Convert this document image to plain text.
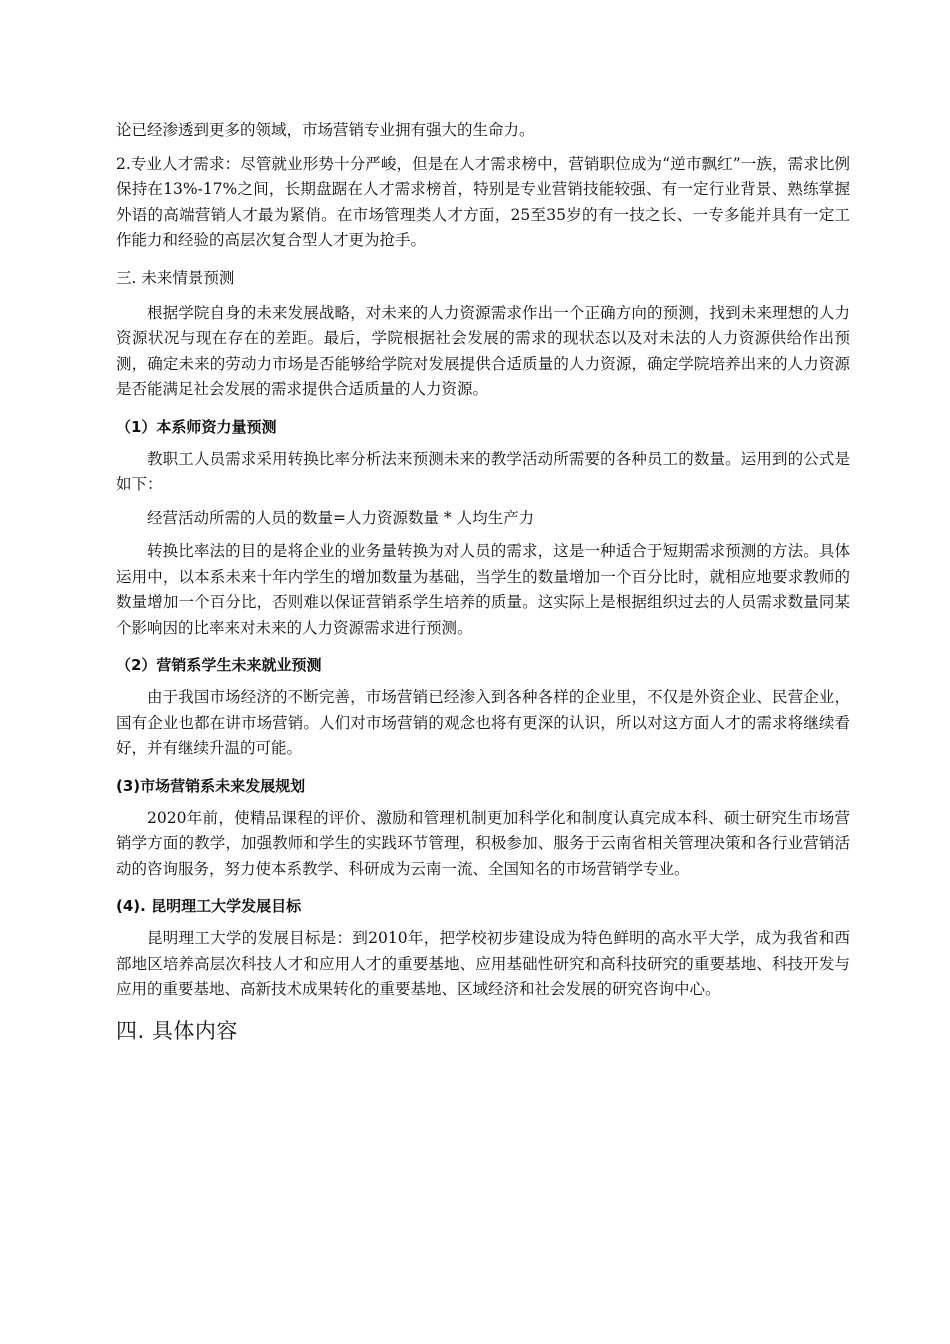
论已经渗透到更多的领域，市场营销专业拥有强大的生命力。

2.专业人才需求：尽管就业形势十分严峻，但是在人才需求榜中，营销职位成为“逆市飘红”一族，需求比例保持在13%-17%之间，长期盘踞在人才需求榜首，特别是专业营销技能较强、有一定行业背景、熟练掌握外语的高端营销人才最为紧俏。在市场管理类人才方面，25至35岁的有一技之长、一专多能并具有一定工作能力和经验的高层次复合型人才更为抢手。

三. 未来情景预测

根据学院自身的未来发展战略，对未来的人力资源需求作出一个正确方向的预测，找到未来理想的人力资源状况与现在存在的差距。最后，学院根据社会发展的需求的现状态以及对未法的人力资源供给作出预测，确定未来的劳动力市场是否能够给学院对发展提供合适质量的人力资源，确定学院培养出来的人力资源是否能满足社会发展的需求提供合适质量的人力资源。

（1）本系师资力量预测

教职工人员需求采用转换比率分析法来预测未来的教学活动所需要的各种员工的数量。运用到的公式是如下：

经营活动所需的人员的数量=人力资源数量 * 人均生产力

转换比率法的目的是将企业的业务量转换为对人员的需求，这是一种适合于短期需求预测的方法。具体运用中，以本系未来十年内学生的增加数量为基础，当学生的数量增加一个百分比时，就相应地要求教师的数量增加一个百分比，否则难以保证营销系学生培养的质量。这实际上是根据组织过去的人员需求数量同某个影响因的比率来对未来的人力资源需求进行预测。

（2）营销系学生未来就业预测

由于我国市场经济的不断完善，市场营销已经渗入到各种各样的企业里，不仅是外资企业、民营企业，国有企业也都在讲市场营销。人们对市场营销的观念也将有更深的认识，所以对这方面人才的需求将继续看好，并有继续升温的可能。

(3)市场营销系未来发展规划

2020年前，使精品课程的评价、激励和管理机制更加科学化和制度认真完成本科、硕士研究生市场营销学方面的教学，加强教师和学生的实践环节管理，积极参加、服务于云南省相关管理决策和各行业营销活动的咨询服务，努力使本系教学、科研成为云南一流、全国知名的市场营销学专业。

(4). 昆明理工大学发展目标

昆明理工大学的发展目标是：到2010年，把学校初步建设成为特色鲜明的高水平大学，成为我省和西部地区培养高层次科技人才和应用人才的重要基地、应用基础性研究和高科技研究的重要基地、科技开发与应用的重要基地、高新技术成果转化的重要基地、区域经济和社会发展的研究咨询中心。

四. 具体内容
